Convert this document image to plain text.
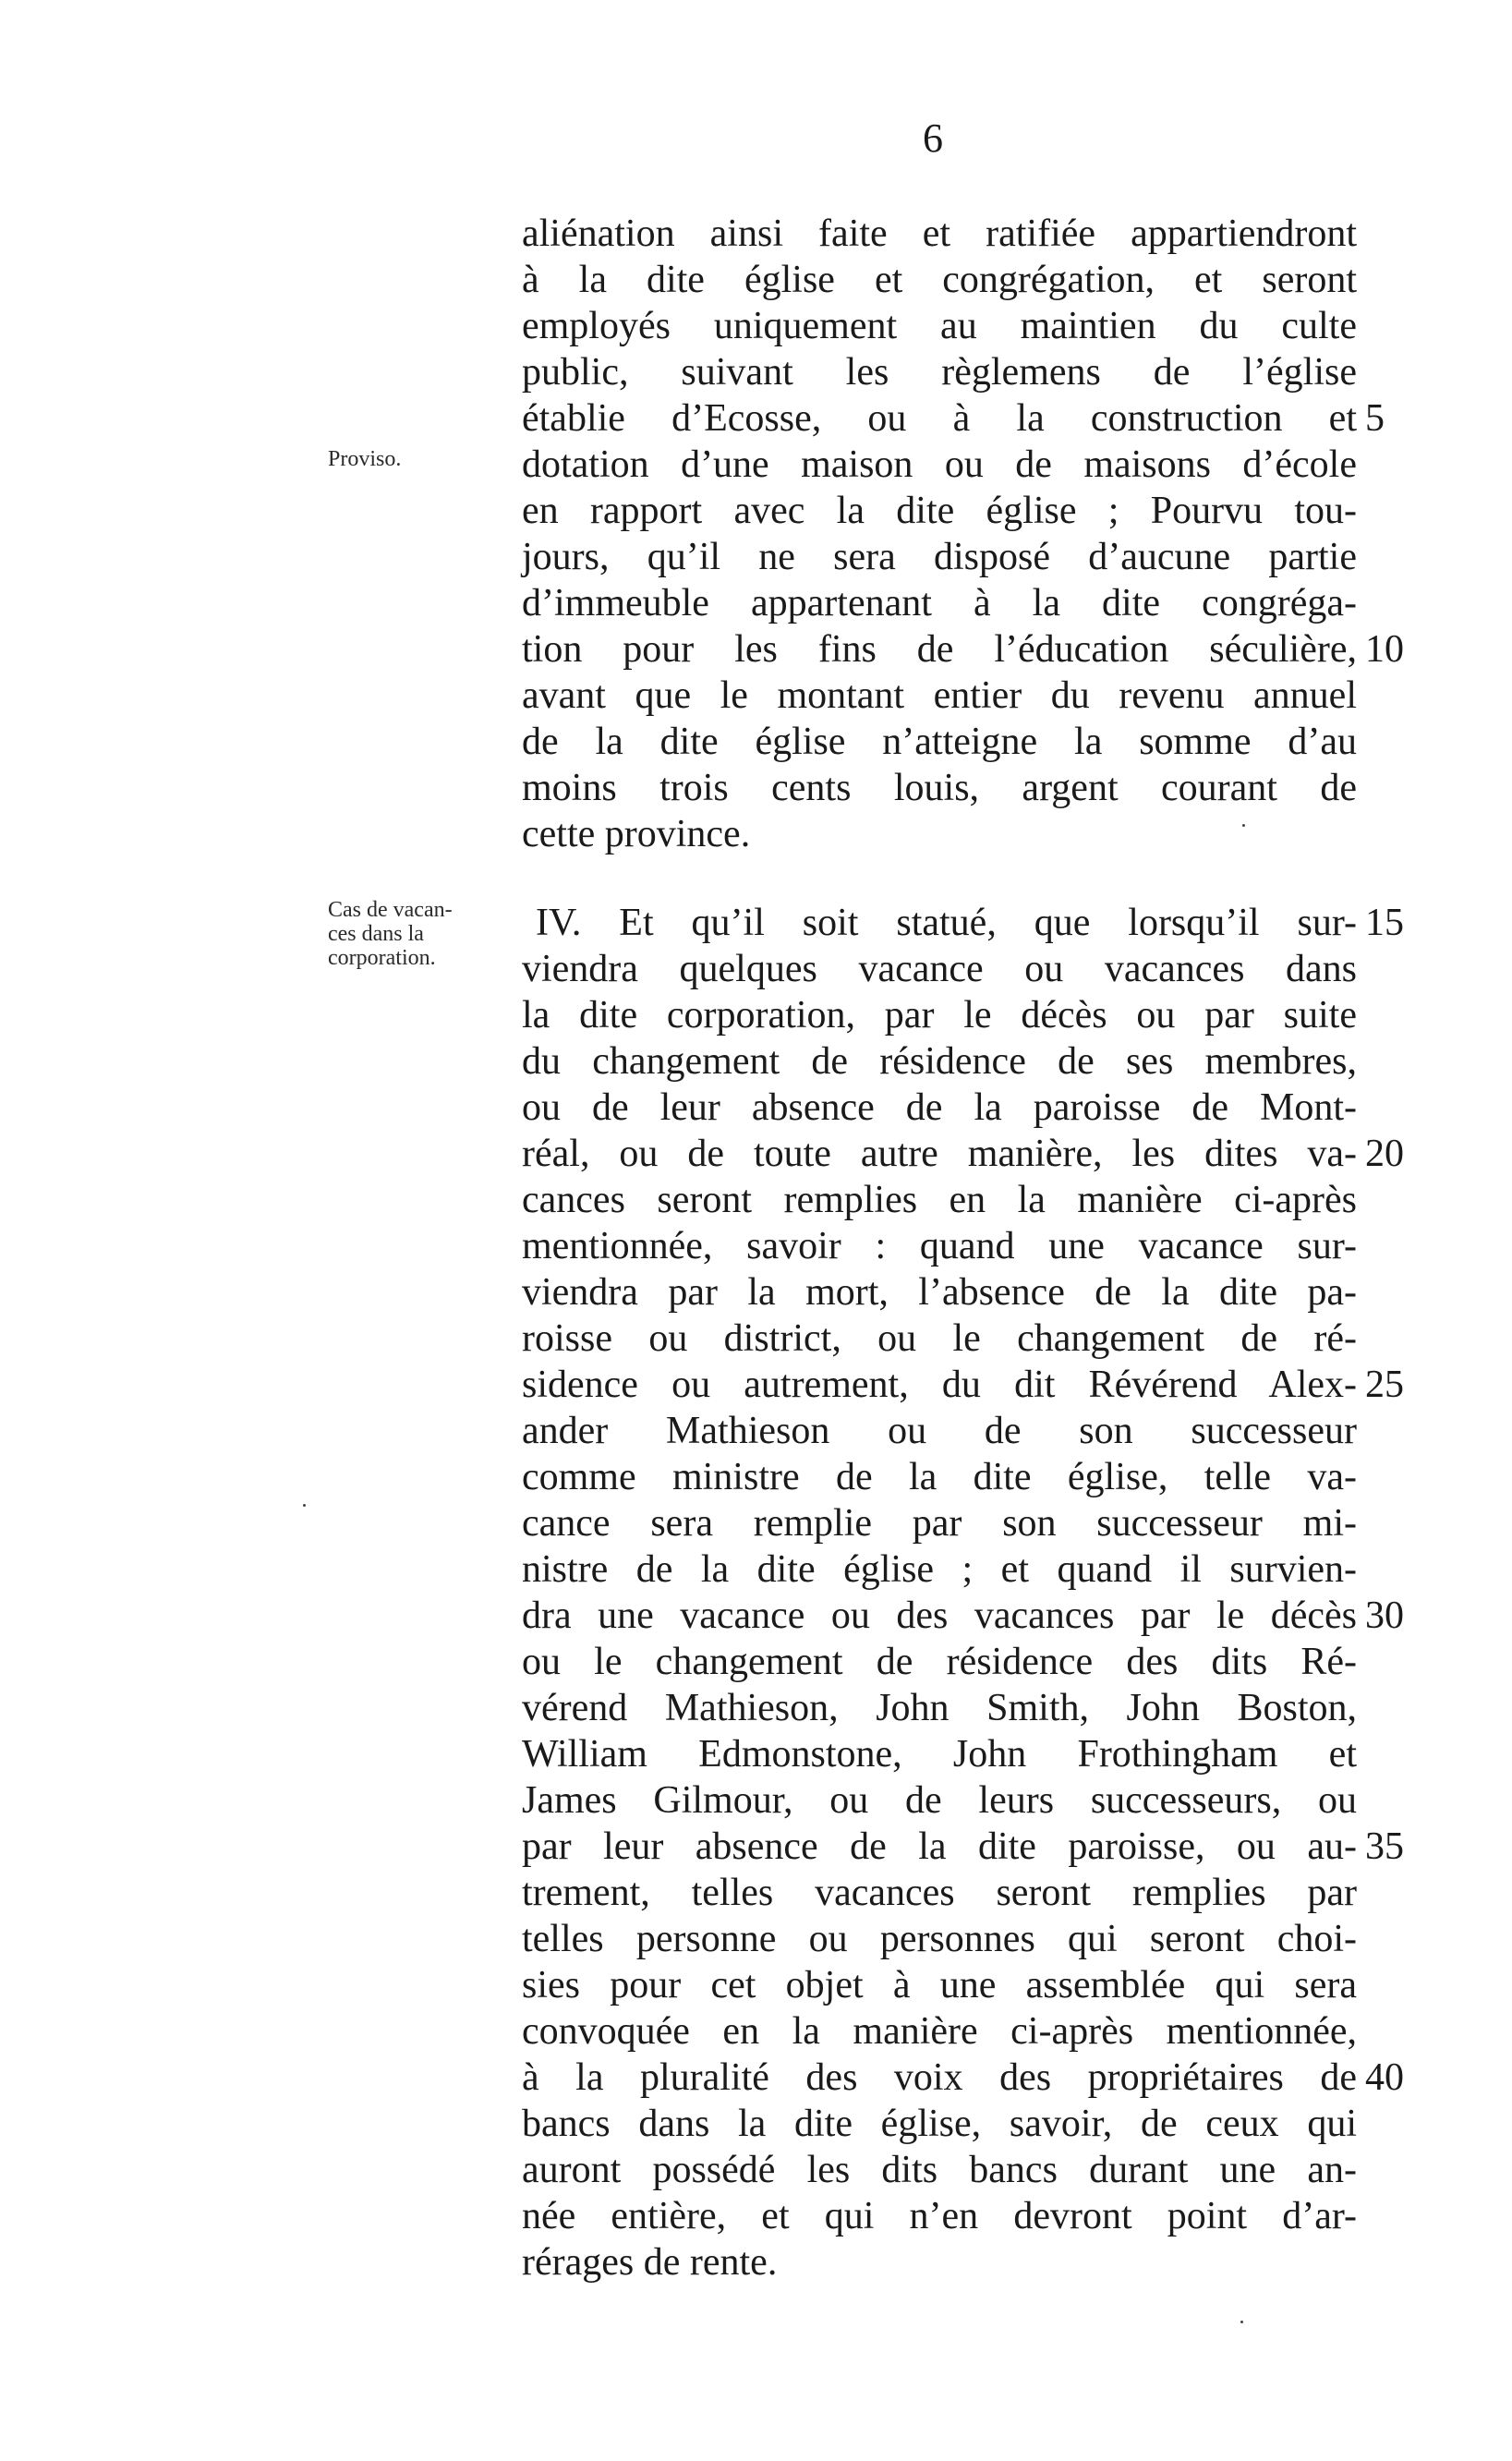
6
Proviso.
Cas de vacan-
ces dans la
corporation.
aliénation ainsi faite et ratifiée appartiendront
à la dite église et congrégation, et seront
employés uniquement au maintien du culte
public, suivant les règlemens de l’église
établie d’Ecosse, ou à la construction et
dotation d’une maison ou de maisons d’école
en rapport avec la dite église ; Pourvu tou-
jours, qu’il ne sera disposé d’aucune partie
d’immeuble appartenant à la dite congréga-
tion pour les fins de l’éducation séculière,
avant que le montant entier du revenu annuel
de la dite église n’atteigne la somme d’au
moins trois cents louis, argent courant de
cette province.
IV. Et qu’il soit statué, que lorsqu’il sur-
viendra quelques vacance ou vacances dans
la dite corporation, par le décès ou par suite
du changement de résidence de ses membres,
ou de leur absence de la paroisse de Mont-
réal, ou de toute autre manière, les dites va-
cances seront remplies en la manière ci-après
mentionnée, savoir : quand une vacance sur-
viendra par la mort, l’absence de la dite pa-
roisse ou district, ou le changement de ré-
sidence ou autrement, du dit Révérend Alex-
ander Mathieson ou de son successeur
comme ministre de la dite église, telle va-
cance sera remplie par son successeur mi-
nistre de la dite église ; et quand il survien-
dra une vacance ou des vacances par le décès
ou le changement de résidence des dits Ré-
vérend Mathieson, John Smith, John Boston,
William Edmonstone, John Frothingham et
James Gilmour, ou de leurs successeurs, ou
par leur absence de la dite paroisse, ou au-
trement, telles vacances seront remplies par
telles personne ou personnes qui seront choi-
sies pour cet objet à une assemblée qui sera
convoquée en la manière ci-après mentionnée,
à la pluralité des voix des propriétaires de
bancs dans la dite église, savoir, de ceux qui
auront possédé les dits bancs durant une an-
née entière, et qui n’en devront point d’ar-
rérages de rente.
5
10
15
20
25
30
35
40
